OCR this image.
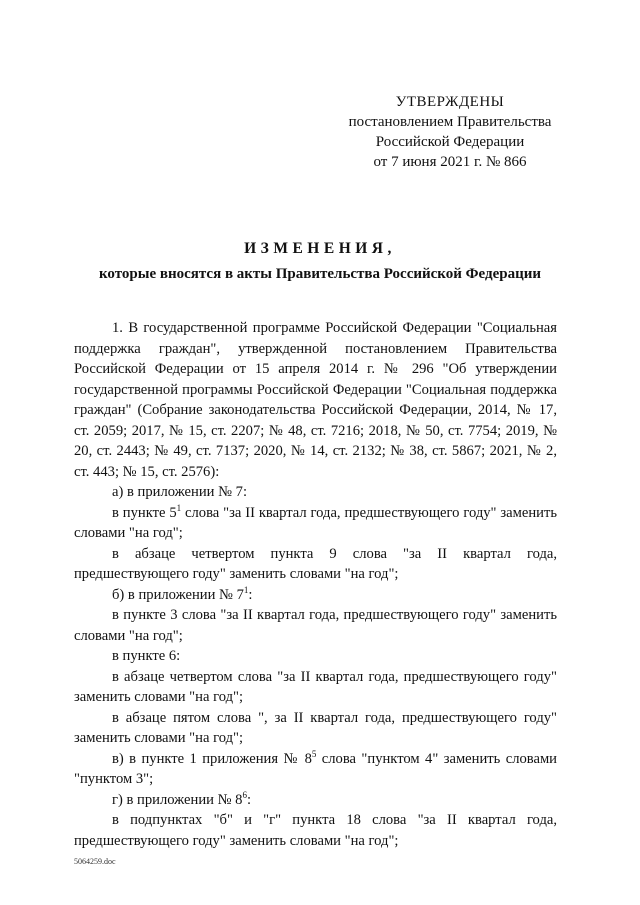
УТВЕРЖДЕНЫ
постановлением Правительства
Российской Федерации
от 7 июня 2021 г. № 866
ИЗМЕНЕНИЯ,
которые вносятся в акты Правительства Российской Федерации

1. В государственной программе Российской Федерации "Социальная поддержка граждан", утвержденной постановлением Правительства Российской Федерации от 15 апреля 2014 г. № 296 "Об утверждении государственной программы Российской Федерации "Социальная поддержка граждан" (Собрание законодательства Российской Федерации, 2014, № 17, ст. 2059; 2017, № 15, ст. 2207; № 48, ст. 7216; 2018, № 50, ст. 7754; 2019, № 20, ст. 2443; № 49, ст. 7137; 2020, № 14, ст. 2132; № 38, ст. 5867; 2021, № 2, ст. 443; № 15, ст. 2576):

а) в приложении № 7:

в пункте $5^1$ слова "за II квартал года, предшествующего году" заменить словами "на год";

в абзаце четвертом пункта 9 слова "за II квартал года, предшествующего году" заменить словами "на год";

б) в приложении № $7^1$:

в пункте 3 слова "за II квартал года, предшествующего году" заменить словами "на год";

в пункте 6:

в абзаце четвертом слова "за II квартал года, предшествующего году" заменить словами "на год";

в абзаце пятом слова ", за II квартал года, предшествующего году" заменить словами "на год";

в) в пункте 1 приложения № $8^5$ слова "пунктом 4" заменить словами "пунктом 3";

г) в приложении № $8^6$:

в подпунктах "б" и "г" пункта 18 слова "за II квартал года, предшествующего году" заменить словами "на год";

5064259.doc
